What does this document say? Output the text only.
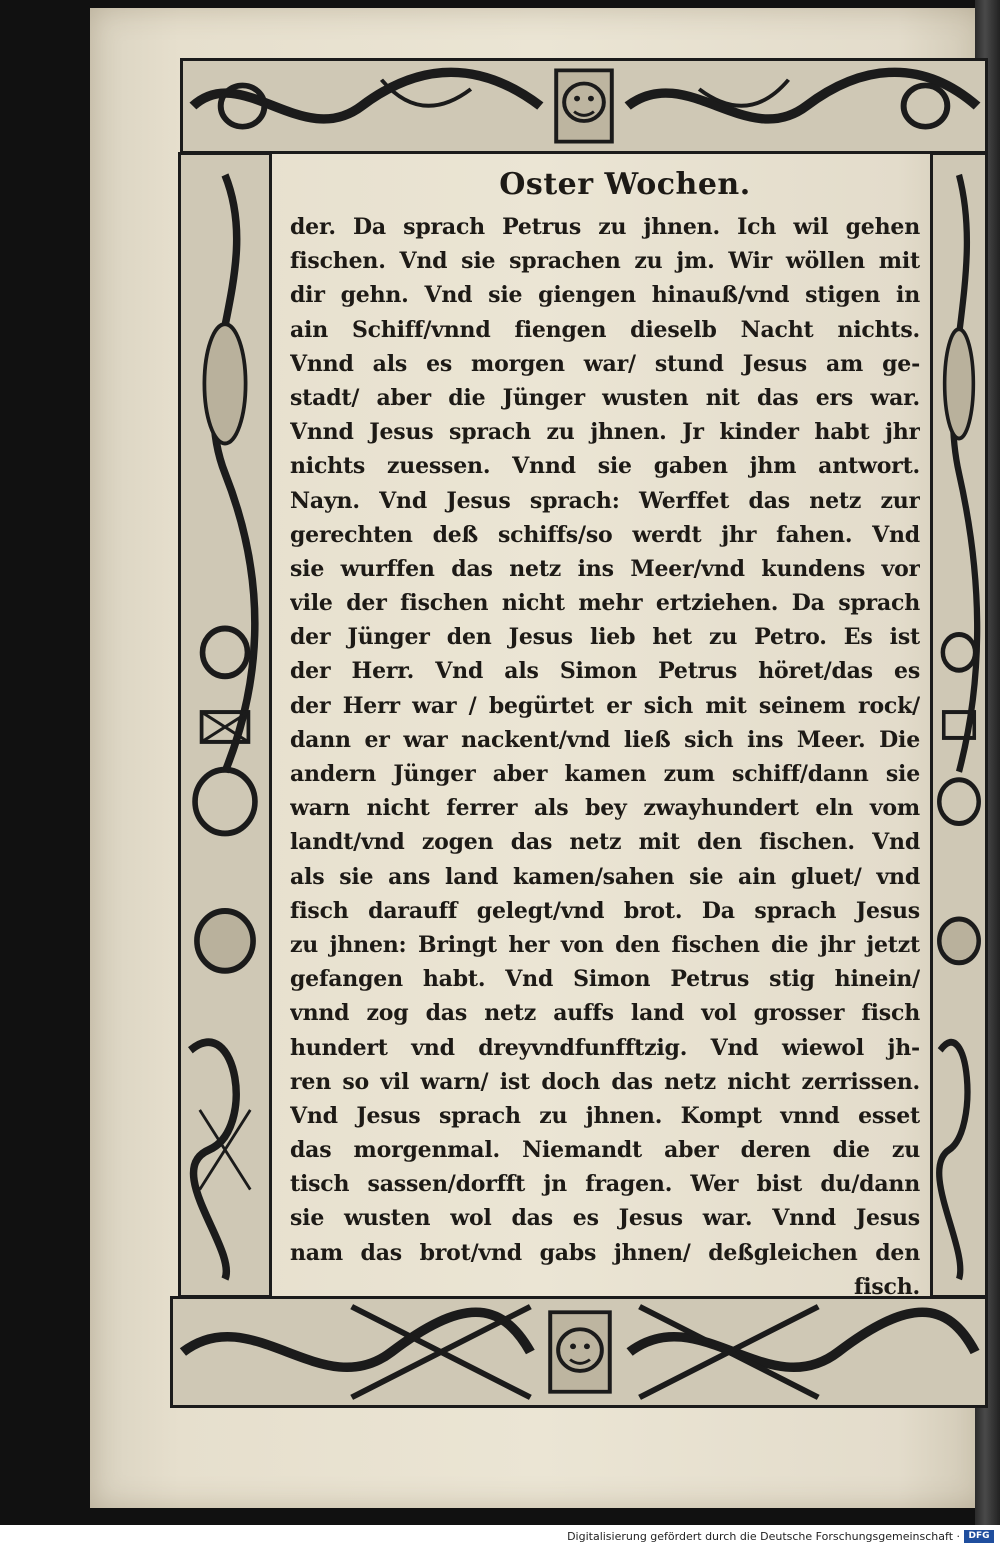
Oster Wochen.
der. Da sprach Petrus zu jhnen. Ich wil gehen
fischen. Vnd sie sprachen zu jm. Wir wöllen mit
dir gehn. Vnd sie giengen hinauß/vnd stigen in
ain Schiff/vnnd fiengen dieselb Nacht nichts.
Vnnd als es morgen war/ stund Jesus am ge-
stadt/ aber die Jünger wusten nit das ers war.
Vnnd Jesus sprach zu jhnen. Jr kinder habt jhr
nichts zuessen. Vnnd sie gaben jhm antwort.
Nayn. Vnd Jesus sprach: Werffet das netz zur
gerechten deß schiffs/so werdt jhr fahen. Vnd
sie wurffen das netz ins Meer/vnd kundens vor
vile der fischen nicht mehr ertziehen. Da sprach
der Jünger den Jesus lieb het zu Petro. Es ist
der Herr. Vnd als Simon Petrus höret/das es
der Herr war / begürtet er sich mit seinem rock/
dann er war nackent/vnd ließ sich ins Meer. Die
andern Jünger aber kamen zum schiff/dann sie
warn nicht ferrer als bey zwayhundert eln vom
landt/vnd zogen das netz mit den fischen. Vnd
als sie ans land kamen/sahen sie ain gluet/ vnd
fisch darauff gelegt/vnd brot. Da sprach Jesus
zu jhnen: Bringt her von den fischen die jhr jetzt
gefangen habt. Vnd Simon Petrus stig hinein/
vnnd zog das netz auffs land vol grosser fisch
hundert vnd dreyvndfunfftzig. Vnd wiewol jh-
ren so vil warn/ ist doch das netz nicht zerrissen.
Vnd Jesus sprach zu jhnen. Kompt vnnd esset
das morgenmal. Niemandt aber deren die zu
tisch sassen/dorfft jn fragen. Wer bist du/dann
sie wusten wol das es Jesus war. Vnnd Jesus
nam das brot/vnd gabs jhnen/ deßgleichen den
fisch.
Digitalisierung gefördert durch die Deutsche Forschungsgemeinschaft · DFG
